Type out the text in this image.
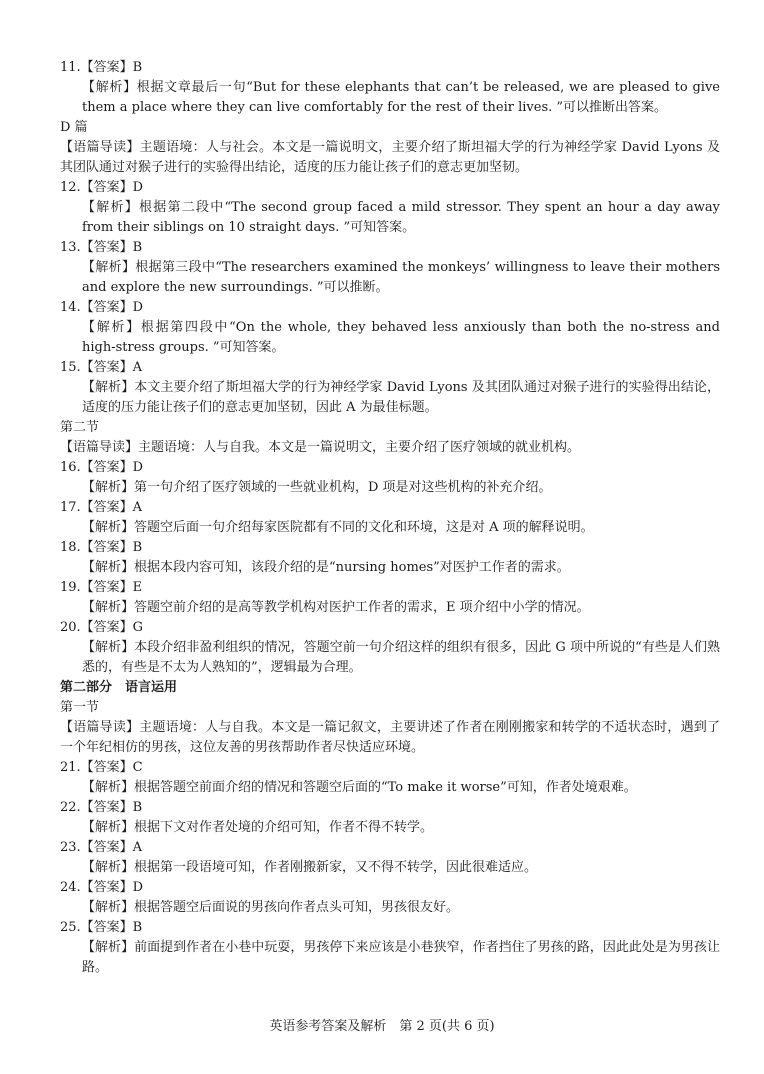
11.【答案】B
【解析】根据文章最后一句“But for these elephants that can’t be released, we are pleased to give them a place where they can live comfortably for the rest of their lives. ”可以推断出答案。
D 篇
【语篇导读】主题语境：人与社会。本文是一篇说明文，主要介绍了斯坦福大学的行为神经学家 David Lyons 及其团队通过对猴子进行的实验得出结论，适度的压力能让孩子们的意志更加坚韧。
12.【答案】D
【解析】根据第二段中“The second group faced a mild stressor. They spent an hour a day away from their siblings on 10 straight days. ”可知答案。
13.【答案】B
【解析】根据第三段中“The researchers examined the monkeys’ willingness to leave their mothers and explore the new surroundings. ”可以推断。
14.【答案】D
【解析】根据第四段中“On the whole, they behaved less anxiously than both the no-stress and high-stress groups. ”可知答案。
15.【答案】A
【解析】本文主要介绍了斯坦福大学的行为神经学家 David Lyons 及其团队通过对猴子进行的实验得出结论，适度的压力能让孩子们的意志更加坚韧，因此 A 为最佳标题。
第二节
【语篇导读】主题语境：人与自我。本文是一篇说明文，主要介绍了医疗领域的就业机构。
16.【答案】D
【解析】第一句介绍了医疗领域的一些就业机构，D 项是对这些机构的补充介绍。
17.【答案】A
【解析】答题空后面一句介绍每家医院都有不同的文化和环境，这是对 A 项的解释说明。
18.【答案】B
【解析】根据本段内容可知，该段介绍的是“nursing homes”对医护工作者的需求。
19.【答案】E
【解析】答题空前介绍的是高等教学机构对医护工作者的需求，E 项介绍中小学的情况。
20.【答案】G
【解析】本段介绍非盈利组织的情况，答题空前一句介绍这样的组织有很多，因此 G 项中所说的“有些是人们熟悉的，有些是不太为人熟知的”，逻辑最为合理。
第二部分　语言运用
第一节
【语篇导读】主题语境：人与自我。本文是一篇记叙文，主要讲述了作者在刚刚搬家和转学的不适状态时，遇到了一个年纪相仿的男孩，这位友善的男孩帮助作者尽快适应环境。
21.【答案】C
【解析】根据答题空前面介绍的情况和答题空后面的“To make it worse”可知，作者处境艰难。
22.【答案】B
【解析】根据下文对作者处境的介绍可知，作者不得不转学。
23.【答案】A
【解析】根据第一段语境可知，作者刚搬新家，又不得不转学，因此很难适应。
24.【答案】D
【解析】根据答题空后面说的男孩向作者点头可知，男孩很友好。
25.【答案】B
【解析】前面提到作者在小巷中玩耍，男孩停下来应该是小巷狭窄，作者挡住了男孩的路，因此此处是为男孩让路。
英语参考答案及解析　第 2 页(共 6 页)
